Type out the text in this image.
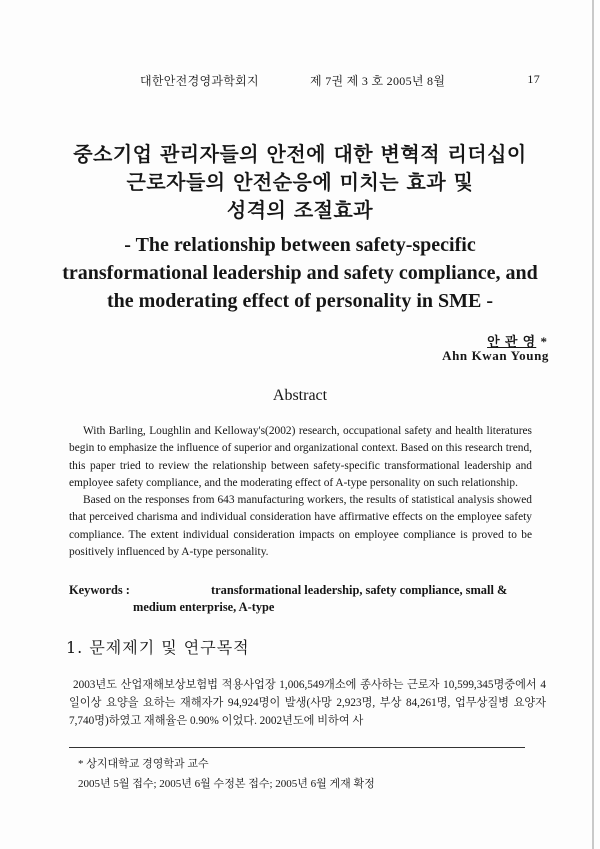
대한안전경영과학회지	제 7권 제 3 호 2005년 8월	17
중소기업 관리자들의 안전에 대한 변혁적 리더십이
근로자들의 안전순응에 미치는 효과 및
성격의 조절효과
- The relationship between safety-specific
transformational leadership and safety compliance, and
the moderating effect of personality in SME -
안 관 영 *
Ahn Kwan Young
Abstract

With Barling, Loughlin and Kelloway's(2002) research, occupational safety and health literatures begin to emphasize the influence of superior and organizational context. Based on this research trend, this paper tried to review the relationship between safety-specific transformational leadership and employee safety compliance, and the moderating effect of A-type personality on such relationship.

Based on the responses from 643 manufacturing workers, the results of statistical analysis showed that perceived charisma and individual consideration have affirmative effects on the employee safety compliance. The extent individual consideration impacts on employee compliance is proved to be positively influenced by A-type personality.

Keywords :	transformational leadership, safety compliance, small & medium enterprise, A-type
1. 문제제기 및 연구목적

2003년도 산업재해보상보험법 적용사업장 1,006,549개소에 종사하는 근로자 10,599,345명중에서 4일이상 요양을 요하는 재해자가 94,924명이 발생(사망 2,923명, 부상 84,261명, 업무상질병 요양자 7,740명)하였고 재해율은 0.90% 이었다. 2002년도에 비하여 사

* 상지대학교 경영학과 교수
2005년 5월 접수; 2005년 6월 수정본 접수; 2005년 6월 게재 확정
